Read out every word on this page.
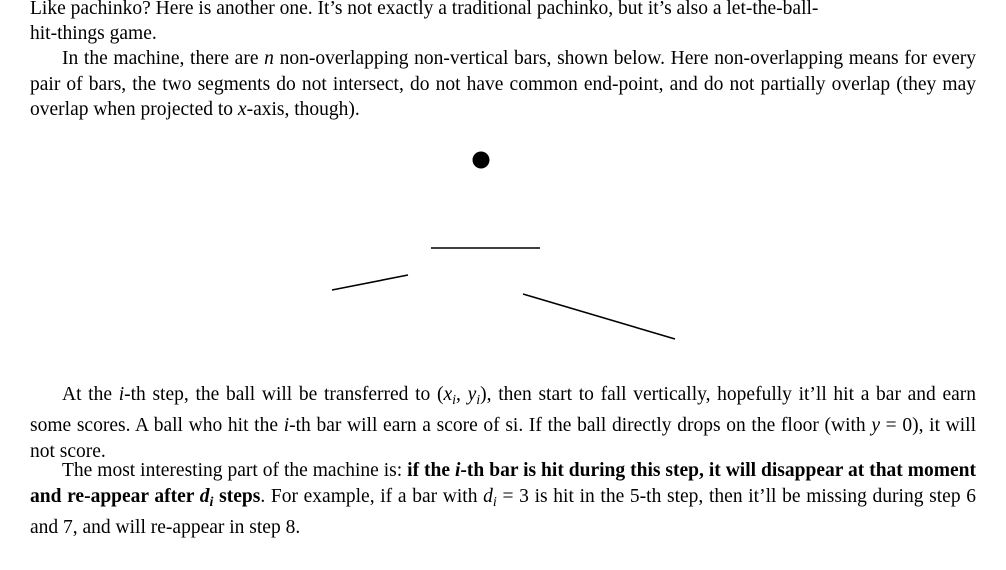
Like pachinko? Here is another one. It’s not exactly a traditional pachinko, but it’s also a let-the-ball-
hit-things game.
In the machine, there are n non-overlapping non-vertical bars, shown below. Here non-overlapping means for every pair of bars, the two segments do not intersect, do not have common end-point, and do not partially overlap (they may overlap when projected to x-axis, though).
At the i-th step, the ball will be transferred to ($x_i$, $y_i$), then start to fall vertically, hopefully it’ll hit a bar and earn some scores. A ball who hit the i-th bar will earn a score of si. If the ball directly drops on the floor (with y = 0), it will not score.
The most interesting part of the machine is: if the i-th bar is hit during this step, it will disappear at that moment and re-appear after $d_i$ steps. For example, if a bar with $d_i = 3$ is hit in the 5-th step, then it’ll be missing during step 6 and 7, and will re-appear in step 8.
